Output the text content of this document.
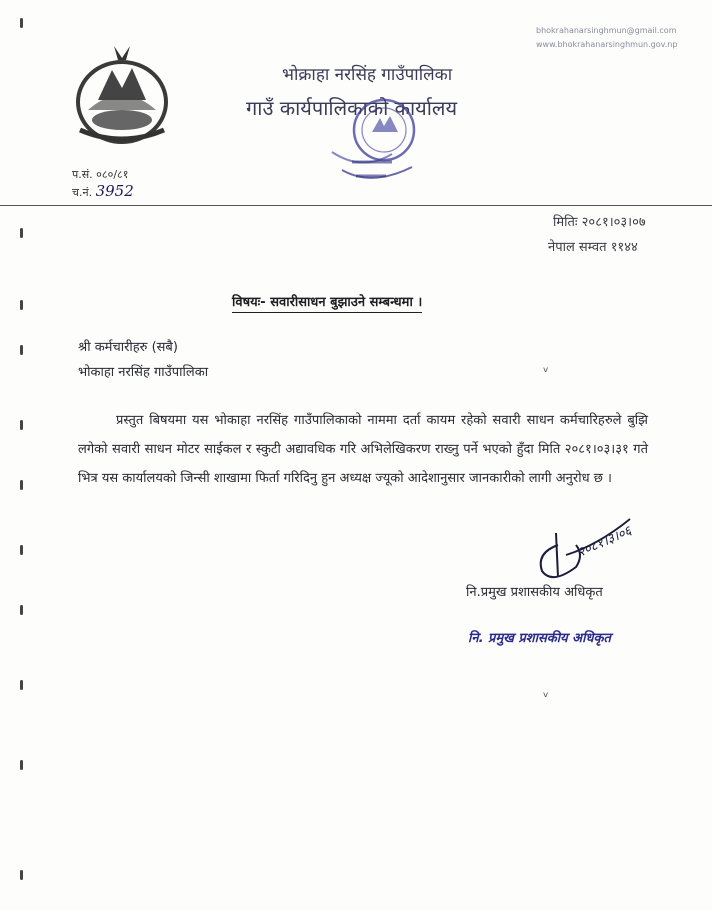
भोक्राहा नरसिंह गाउँपालिका
गाउँ कार्यपालिकाको कार्यालय
bhokrahanarsinghmun@gmail.com
www.bhokrahanarsinghmun.gov.np
प.सं. ०८०/८१
च.नं. 3952
मितिः २०८१।०३।०७
नेपाल सम्वत ११४४
विषयः- सवारीसाधन बुझाउने सम्बन्धमा ।
श्री कर्मचारीहरु (सबै)
भोकाहा नरसिंह गाउँपालिका
प्रस्तुत बिषयमा यस भोकाहा नरसिंह गाउँपालिकाको नाममा दर्ता कायम रहेको सवारी साधन कर्मचारिहरुले बुझि लगेको सवारी साधन मोटर साईकल र स्कुटी अद्यावधिक गरि अभिलेखिकरण राख्नु पर्ने भएको हुँदा मिति २०८१।०३।३१ गते भित्र यस कार्यालयको जिन्सी शाखामा फिर्ता गरिदिनु हुन अध्यक्ष ज्यूको आदेशानुसार जानकारीको लागी अनुरोध छ ।
२०८१।३।०६
नि.प्रमुख प्रशासकीय अधिकृत
नि. प्रमुख प्रशासकीय अधिकृत
ᵥ
ᵥ
